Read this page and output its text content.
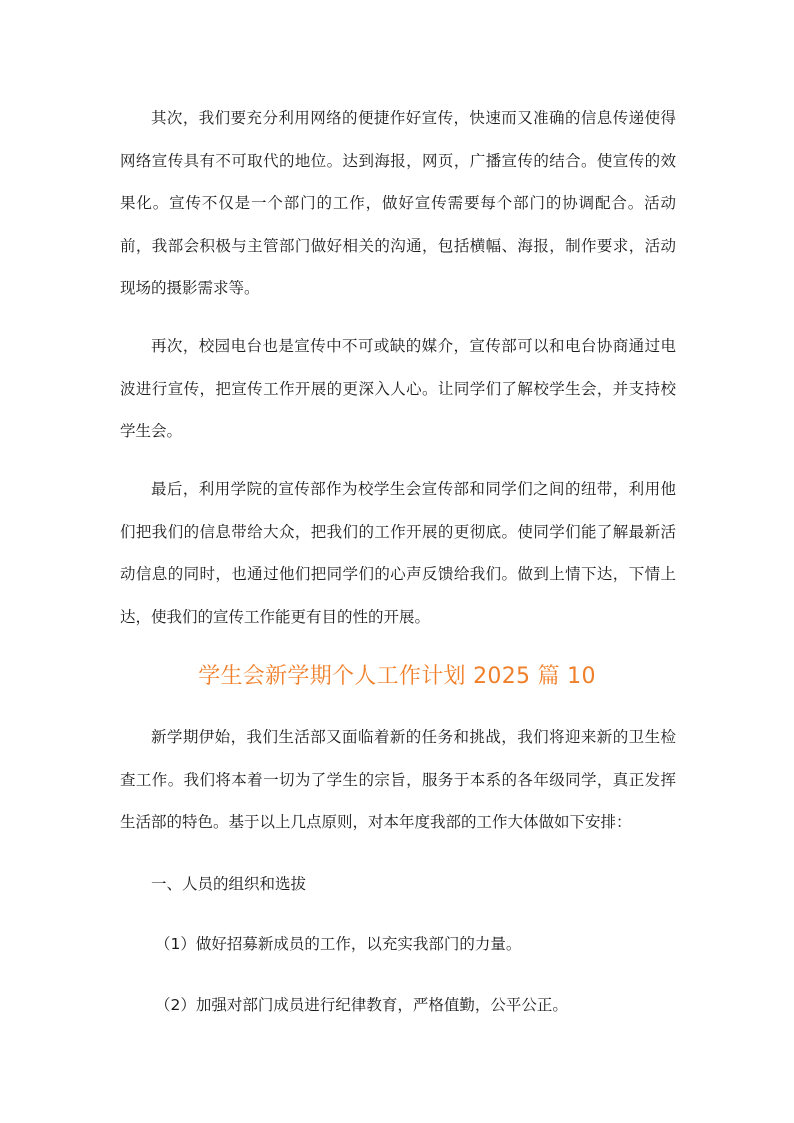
其次，我们要充分利用网络的便捷作好宣传，快速而又准确的信息传递使得网络宣传具有不可取代的地位。达到海报，网页，广播宣传的结合。使宣传的效果化。宣传不仅是一个部门的工作，做好宣传需要每个部门的协调配合。活动前，我部会积极与主管部门做好相关的沟通，包括横幅、海报，制作要求，活动现场的摄影需求等。

再次，校园电台也是宣传中不可或缺的媒介，宣传部可以和电台协商通过电波进行宣传，把宣传工作开展的更深入人心。让同学们了解校学生会，并支持校学生会。

最后，利用学院的宣传部作为校学生会宣传部和同学们之间的纽带，利用他们把我们的信息带给大众，把我们的工作开展的更彻底。使同学们能了解最新活动信息的同时，也通过他们把同学们的心声反馈给我们。做到上情下达，下情上达，使我们的宣传工作能更有目的性的开展。

学生会新学期个人工作计划 2025 篇 10

新学期伊始，我们生活部又面临着新的任务和挑战，我们将迎来新的卫生检查工作。我们将本着一切为了学生的宗旨，服务于本系的各年级同学，真正发挥生活部的特色。基于以上几点原则，对本年度我部的工作大体做如下安排：

一、人员的组织和选拔

（1）做好招募新成员的工作，以充实我部门的力量。

（2）加强对部门成员进行纪律教育，严格值勤，公平公正。
